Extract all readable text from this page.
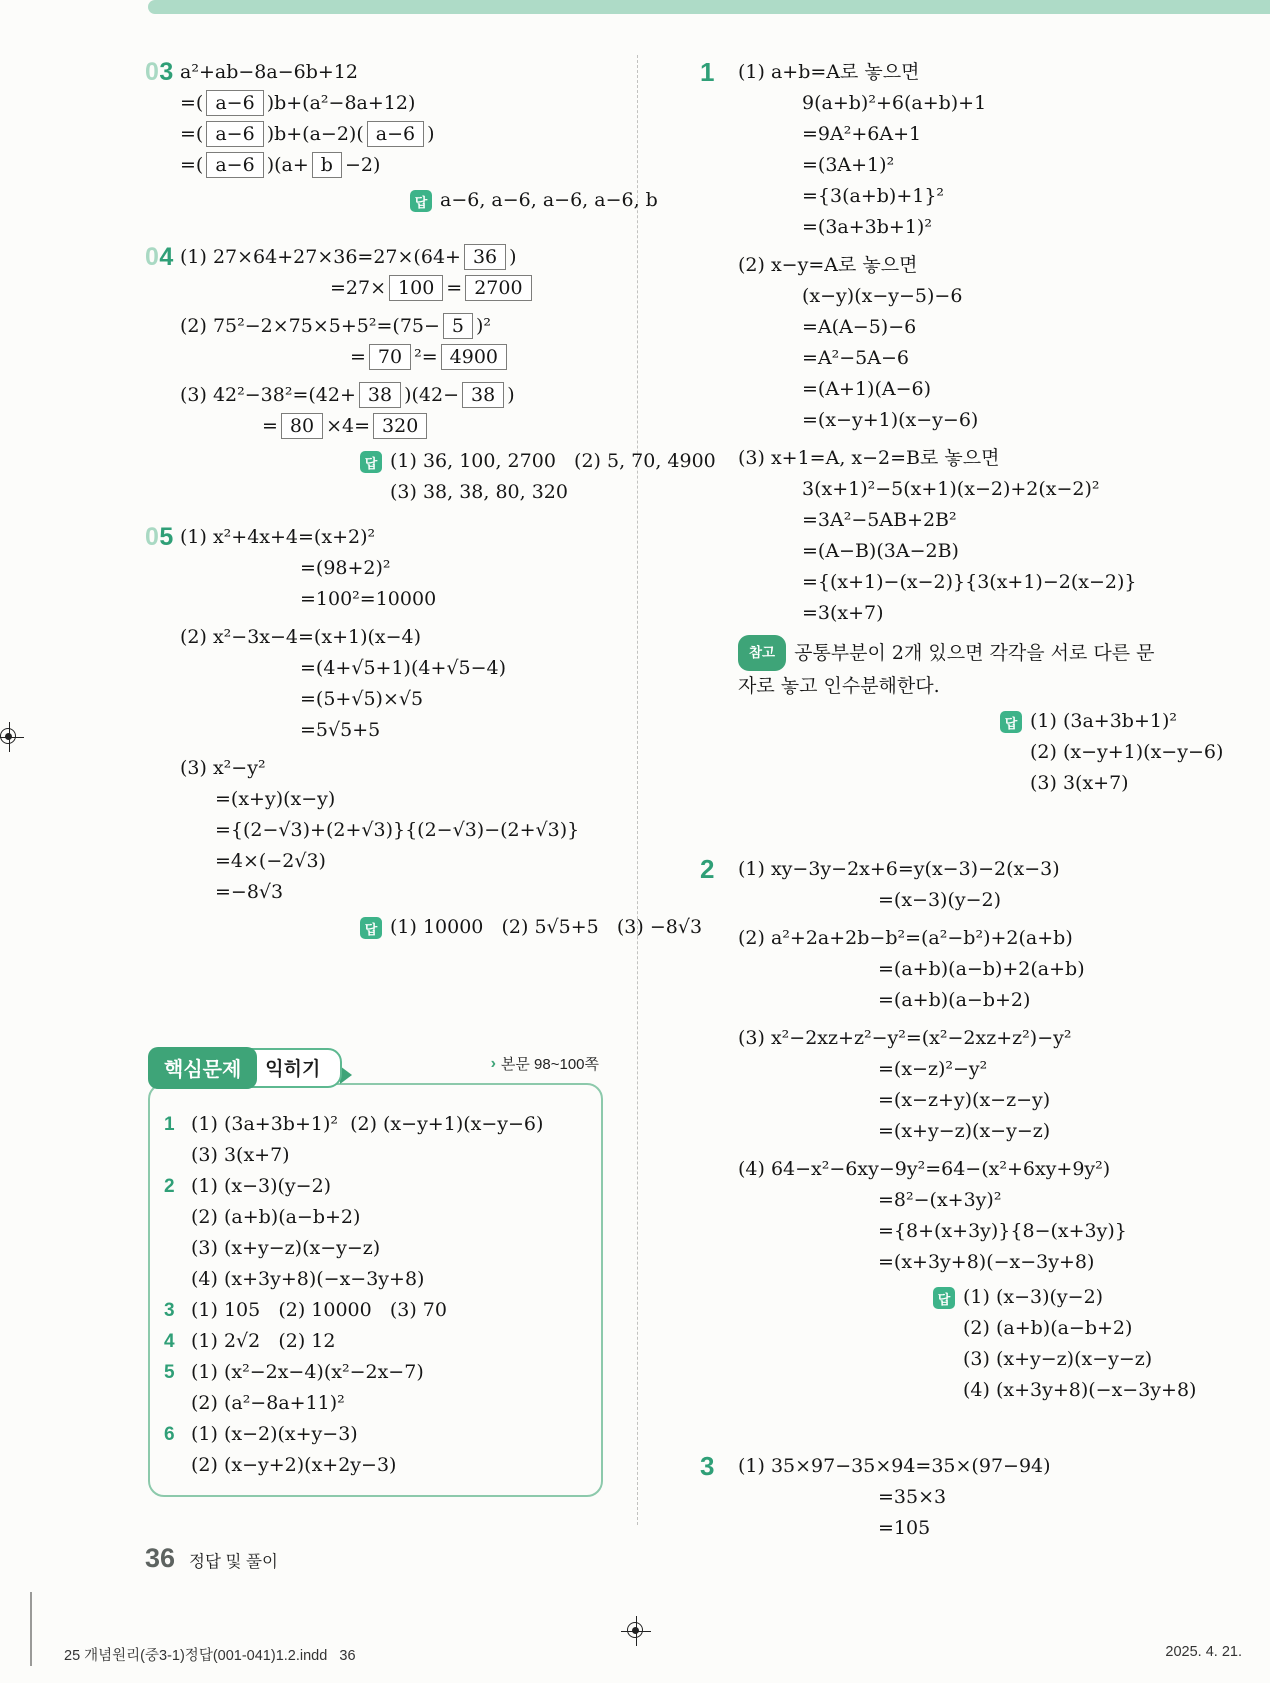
03 a²+ab−8a−6b+12
=( a−6 )b+(a²−8a+12)
=( a−6 )b+(a−2)( a−6 )
=( a−6 )(a+ b −2)
답 a−6, a−6, a−6, a−6, b
04 (1) 27×64+27×36=27×(64+ 36 )
=27× 100 = 2700
(2) 75²−2×75×5+5²=(75− 5 )²
= 70 ²= 4900
(3) 42²−38²=(42+ 38 )(42− 38 )
= 80 ×4= 320
답 (1) 36, 100, 2700   (2) 5, 70, 4900
(3) 38, 38, 80, 320
05 (1) x²+4x+4=(x+2)²
=(98+2)²
=100²=10000
(2) x²−3x−4=(x+1)(x−4)
=(4+√5+1)(4+√5−4)
=(5+√5)×√5
=5√5+5
(3) x²−y²
=(x+y)(x−y)
={(2−√3)+(2+√3)}{(2−√3)−(2+√3)}
=4×(−2√3)
=−8√3
답 (1) 10000   (2) 5√5+5   (3) −8√3
핵심문제	익히기	› 본문 98~100쪽
1 (1) (3a+3b+1)²  (2) (x−y+1)(x−y−6)
(3) 3(x+7)
2 (1) (x−3)(y−2)
(2) (a+b)(a−b+2)
(3) (x+y−z)(x−y−z)
(4) (x+3y+8)(−x−3y+8)
3 (1) 105   (2) 10000   (3) 70
4 (1) 2√2   (2) 12
5 (1) (x²−2x−4)(x²−2x−7)
(2) (a²−8a+11)²
6 (1) (x−2)(x+y−3)
(2) (x−y+2)(x+2y−3)
1 (1) a+b=A로 놓으면
9(a+b)²+6(a+b)+1
=9A²+6A+1
=(3A+1)²
={3(a+b)+1}²
=(3a+3b+1)²
(2) x−y=A로 놓으면
(x−y)(x−y−5)−6
=A(A−5)−6
=A²−5A−6
=(A+1)(A−6)
=(x−y+1)(x−y−6)
(3) x+1=A, x−2=B로 놓으면
3(x+1)²−5(x+1)(x−2)+2(x−2)²
=3A²−5AB+2B²
=(A−B)(3A−2B)
={(x+1)−(x−2)}{3(x+1)−2(x−2)}
=3(x+7)
참고 공통부분이 2개 있으면 각각을 서로 다른 문자로 놓고 인수분해한다.
답 (1) (3a+3b+1)²
(2) (x−y+1)(x−y−6)
(3) 3(x+7)
2 (1) xy−3y−2x+6=y(x−3)−2(x−3)
=(x−3)(y−2)
(2) a²+2a+2b−b²=(a²−b²)+2(a+b)
=(a+b)(a−b)+2(a+b)
=(a+b)(a−b+2)
(3) x²−2xz+z²−y²=(x²−2xz+z²)−y²
=(x−z)²−y²
=(x−z+y)(x−z−y)
=(x+y−z)(x−y−z)
(4) 64−x²−6xy−9y²=64−(x²+6xy+9y²)
=8²−(x+3y)²
={8+(x+3y)}{8−(x+3y)}
=(x+3y+8)(−x−3y+8)
답 (1) (x−3)(y−2)
(2) (a+b)(a−b+2)
(3) (x+y−z)(x−y−z)
(4) (x+3y+8)(−x−3y+8)
3 (1) 35×97−35×94=35×(97−94)
=35×3
=105
36 정답 및 풀이
25 개념원리(중3-1)정답(001-041)1.2.indd   36	2025. 4. 21.
